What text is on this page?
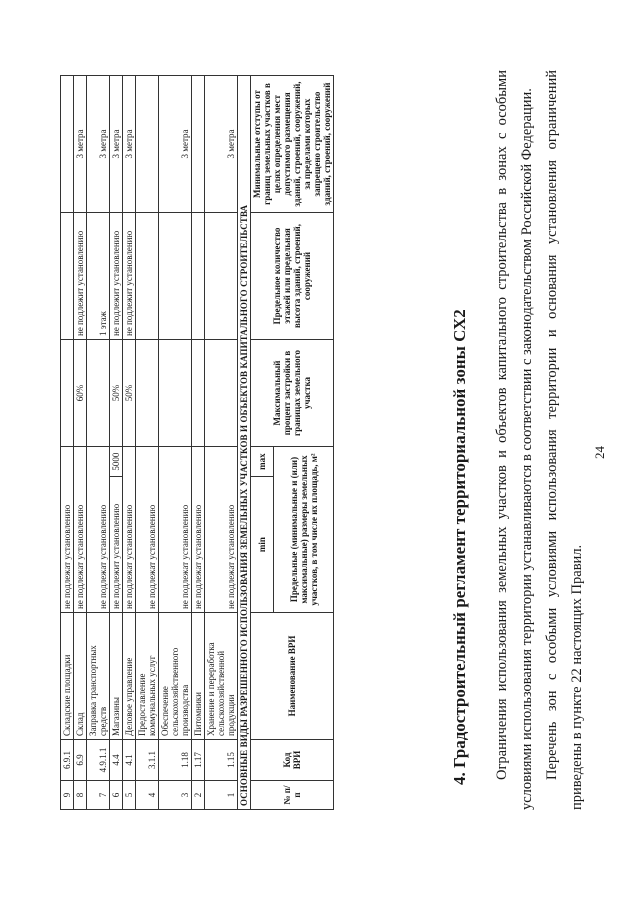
24

Ограничения использования земельных участков и объектов капитального строительства в зонах с особыми условиями использования территории устанавливаются в соответствии с законодательством Российской Федерации. Перечень зон с особыми условиями использования территории и основания установления ограничений приведены в пункте 22 настоящих Правил.

4. Градостроительный регламент территориальной зоны СХ2
№ п/п	Код ВРИ	Наименование ВРИ	Предельные (минимальные и (или) максимальные) размеры земельных участков, в том числе их площадь, м²		Максимальный процент застройки в границах земельного участка	Предельное количество этажей или предельная высота зданий, строений, сооружений	Минимальные отступы от границ земельных участков в целях определения мест допустимого размещения зданий, строений, сооружений, за пределами которых запрещено строительство зданий, строений, сооружений

			min	max			

ОСНОВНЫЕ ВИДЫ РАЗРЕШЕННОГО ИСПОЛЬЗОВАНИЯ ЗЕМЕЛЬНЫХ УЧАСТКОВ И ОБЪЕКТОВ КАПИТАЛЬНОГО СТРОИТЕЛЬСТВА							

1	1.15	Хранение и переработка сельскохозяйственной продукции	не подлежат установлению				3 метра

2	1.17	Питомники	не подлежат установлению				

3	1.18	Обеспечение сельскохозяйственного производства	не подлежат установлению				3 метра

4	3.1.1	Предоставление коммунальных услуг	не подлежат установлению				

5	4.1	Деловое управление	не подлежат установлению		50%	не подлежит установлению	3 метра

6	4.4	Магазины	не подлежит установлению	5000	50%	не подлежит установлению	3 метра

7	4.9.1.1	Заправка транспортных средств	не подлежат установлению			1 этаж	3 метра

8	6.9	Склад	не подлежат установлению		60%	не подлежит установлению	3 метра

9	6.9.1	Складские площадки	не подлежат установлению				
